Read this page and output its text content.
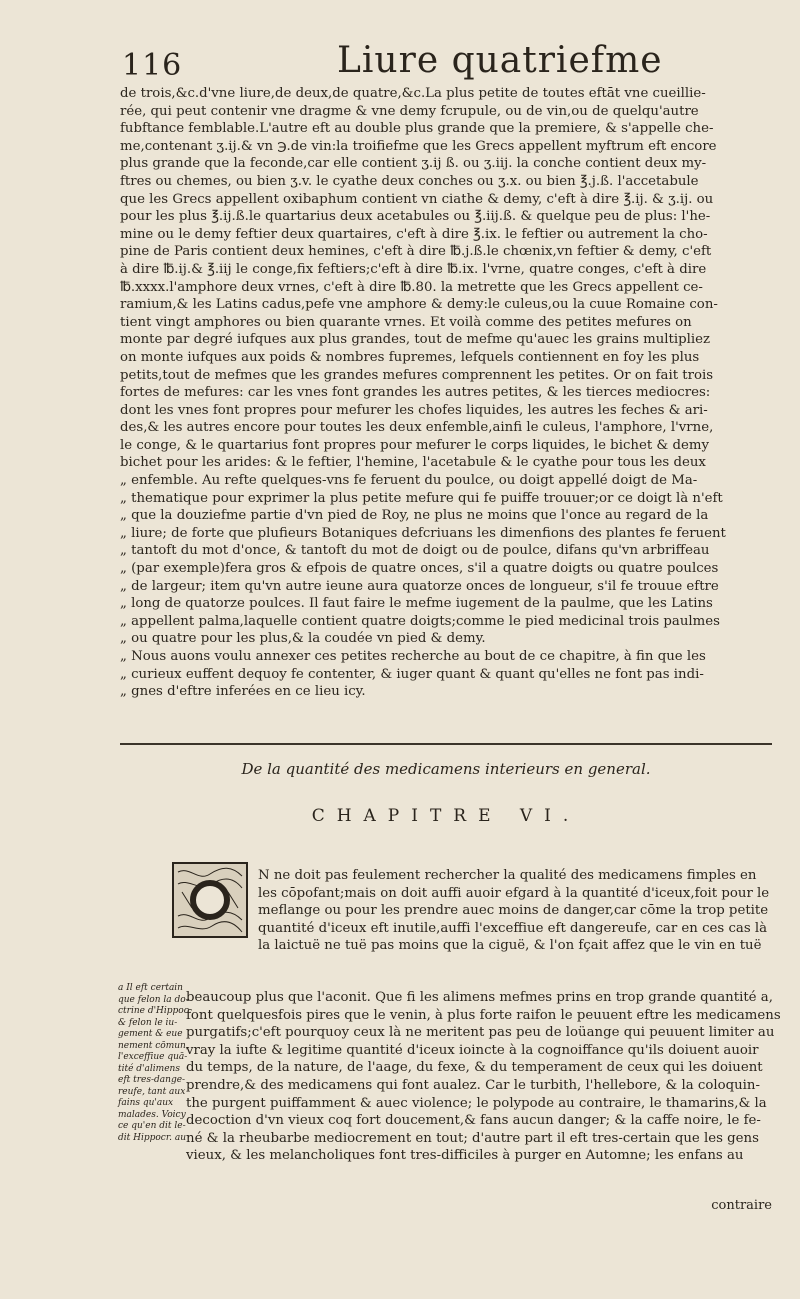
116	Liure quatriefme
de trois,&c.d'vne liure,de deux,de quatre,&c.La plus petite de toutes eftāt vne cueillie-
rée, qui peut contenir vne dragme & vne demy fcrupule, ou de vin,ou de quelqu'autre
fubftance femblable.L'autre eft au double plus grande que la premiere, & s'appelle che-
me,contenant ʒ.ij.& vn ℈.de vin:la troifiefme que les Grecs appellent myftrum eft encore
plus grande que la feconde,car elle contient ʒ.ij ß. ou ʒ.iij. la conche contient deux my-
ftres ou chemes, ou bien ʒ.v. le cyathe deux conches ou ʒ.x. ou bien ℥.j.ß. l'accetabule
que les Grecs appellent oxibaphum contient vn ciathe & demy, c'eft à dire ℥.ij. & ʒ.ij. ou
pour les plus ℥.ij.ß.le quartarius deux acetabules ou ℥.iij.ß. & quelque peu de plus: l'he-
mine ou le demy feftier deux quartaires, c'eft à dire ℥.ix. le feftier ou autrement la cho-
pine de Paris contient deux hemines, c'eft à dire ℔.j.ß.le chœnix,vn feftier & demy, c'eft
à dire ℔.ij.& ℥.iij le conge,fix feftiers;c'eft à dire ℔.ix. l'vrne, quatre conges, c'eft à dire
℔.xxxx.l'amphore deux vrnes, c'eft à dire ℔.80. la metrette que les Grecs appellent ce-
ramium,& les Latins cadus,pefe vne amphore & demy:le culeus,ou la cuue Romaine con-
tient vingt amphores ou bien quarante vrnes. Et voilà comme des petites mefures on
monte par degré iufques aux plus grandes, tout de mefme qu'auec les grains multipliez
on monte iufques aux poids & nombres fupremes, lefquels contiennent en foy les plus
petits,tout de mefmes que les grandes mefures comprennent les petites. Or on fait trois
fortes de mefures: car les vnes font grandes les autres petites, & les tierces mediocres:
dont les vnes font propres pour mefurer les chofes liquides, les autres les feches & ari-
des,& les autres encore pour toutes les deux enfemble,ainfi le culeus, l'amphore, l'vrne,
le conge, & le quartarius font propres pour mefurer le corps liquides, le bichet & demy
bichet pour les arides: & le feftier, l'hemine, l'acetabule & le cyathe pour tous les deux
„ enfemble. Au refte quelques-vns fe feruent du poulce, ou doigt appellé doigt de Ma-
„ thematique pour exprimer la plus petite mefure qui fe puiffe trouuer;or ce doigt là n'eft
„ que la douziefme partie d'vn pied de Roy, ne plus ne moins que l'once au regard de la
„ liure; de forte que plufieurs Botaniques defcriuans les dimenfions des plantes fe feruent
„ tantoft du mot d'once, & tantoft du mot de doigt ou de poulce, difans qu'vn arbriffeau
„ (par exemple)fera gros & efpois de quatre onces, s'il a quatre doigts ou quatre poulces
„ de largeur; item qu'vn autre ieune aura quatorze onces de longueur, s'il fe trouue eftre
„ long de quatorze poulces. Il faut faire le mefme iugement de la paulme, que les Latins
„ appellent palma,laquelle contient quatre doigts;comme le pied medicinal trois paulmes
„ ou quatre pour les plus,& la coudée vn pied & demy.
„ Nous auons voulu annexer ces petites recherche au bout de ce chapitre, à fin que les
„ curieux euffent dequoy fe contenter, & iuger quant & quant qu'elles ne font pas indi-
„ gnes d'eftre inferées en ce lieu icy.

De la quantité des medicamens interieurs en general.

CHAPITRE VI.

N ne doit pas feulement rechercher la qualité des medicamens fimples en
les cōpofant;mais on doit auffi auoir efgard à la quantité d'iceux,foit pour le
meflange ou pour les prendre auec moins de danger,car cōme la trop petite
quantité d'iceux eft inutile,auffi l'exceffiue eft dangereufe, car en ces cas là
la laictuë ne tuë pas moins que la ciguë, & l'on fçait affez que le vin en tuë
beaucoup plus que l'aconit. Que fi les alimens mefmes prins en trop grande quantité a,
font quelquesfois pires que le venin, à plus forte raifon le peuuent eftre les medicamens
purgatifs;c'eft pourquoy ceux là ne meritent pas peu de loüange qui peuuent limiter au
vray la iufte & legitime quantité d'iceux ioincte à la cognoiffance qu'ils doiuent auoir
du temps, de la nature, de l'aage, du fexe, & du temperament de ceux qui les doiuent
prendre,& des medicamens qui font aualez. Car le turbith, l'hellebore, & la coloquin-
the purgent puiffamment & auec violence; le polypode au contraire, le thamarins,& la
decoction d'vn vieux coq fort doucement,& fans aucun danger; & la caffe noire, le fe-
né & la rheubarbe mediocrement en tout; d'autre part il eft tres-certain que les gens
vieux, & les melancholiques font tres-difficiles à purger en Automne; les enfans au
a Il eft certain
que felon la do-
ctrine d'Hippoc.
& felon le iu-
gement & eue
nement cōmun,
l'exceffiue quā-
tité d'alimens
eft tres-dange-
reufe, tant aux
fains qu'aux
malades. Voicy
ce qu'en dit le-
dit Hippocr. au
contraire
